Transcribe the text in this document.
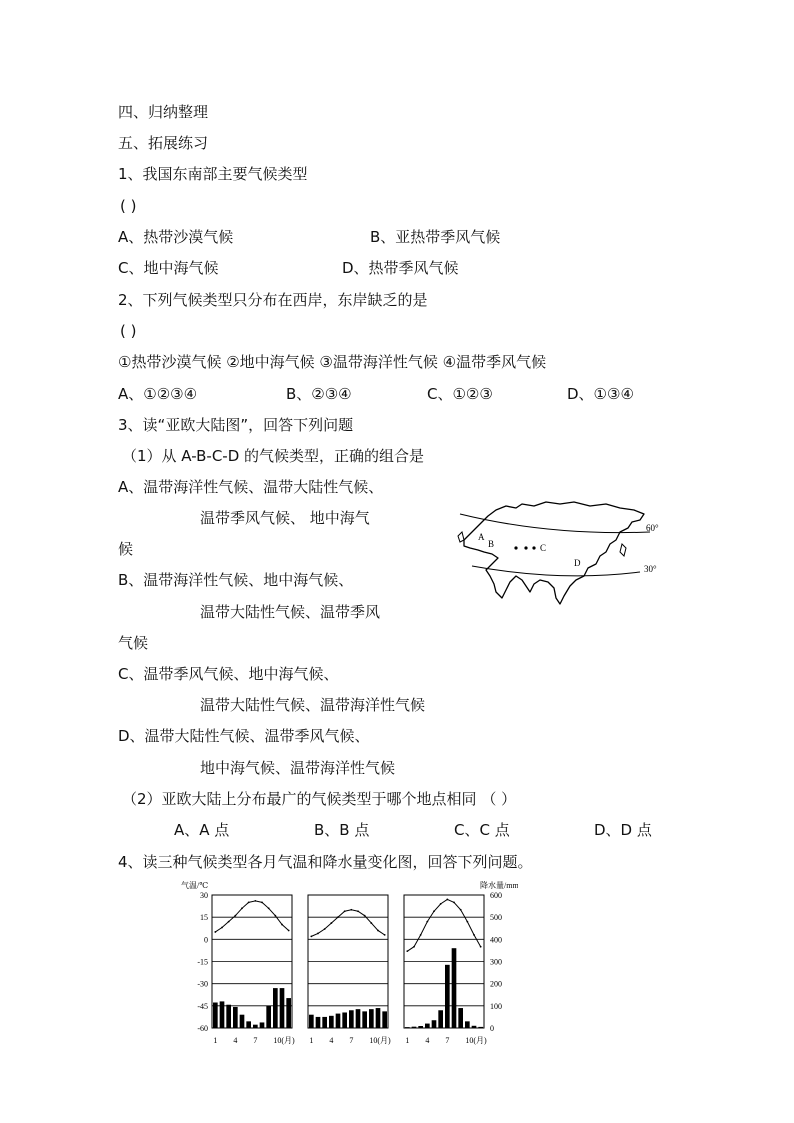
四、归纳整理
五、拓展练习
1、我国东南部主要气候类型
( )
A、热带沙漠气候	B、亚热带季风气候
C、地中海气候	D、热带季风气候
2、下列气候类型只分布在西岸，东岸缺乏的是
( )
①热带沙漠气候 ②地中海气候 ③温带海洋性气候 ④温带季风气候
A、①②③④	B、②③④	C、①②③	D、①③④
3、读“亚欧大陆图”，回答下列问题
（1）从 A-B-C-D 的气候类型，正确的组合是
A、温带海洋性气候、温带大陆性气候、
温带季风气候、 地中海气
候
B、温带海洋性气候、地中海气候、
温带大陆性气候、温带季风
气候
C、温带季风气候、地中海气候、
温带大陆性气候、温带海洋性气候
D、温带大陆性气候、温带季风气候、
地中海气候、温带海洋性气候
（2）亚欧大陆上分布最广的气候类型于哪个地点相同 （ ）
A、A 点	B、B 点	C、C 点	D、D 点
A
B	C
D
60°
30°
4、读三种气候类型各月气温和降水量变化图，回答下列问题。
气温/℃	降水量/mm
30
15
0
-15
-30
-45
-60
600
500
400
300
200
100
0
1 4 7 10(月) 1 4 7 10(月) 1 4 7 10(月)
